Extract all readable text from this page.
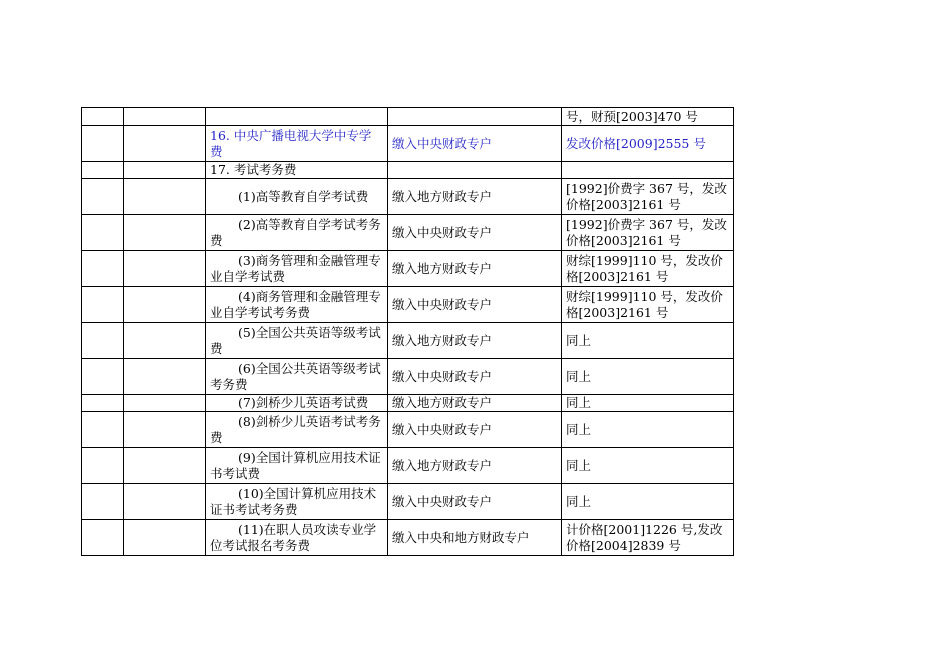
				号，财预[2003]470 号
		16. 中央广播电视大学中专学费	缴入中央财政专户	发改价格[2009]2555 号
		17. 考试考务费		
		(1)高等教育自学考试费	缴入地方财政专户	[1992]价费字 367 号，发改价格[2003]2161 号
		(2)高等教育自学考试考务费	缴入中央财政专户	[1992]价费字 367 号，发改价格[2003]2161 号
		(3)商务管理和金融管理专业自学考试费	缴入地方财政专户	财综[1999]110 号，发改价格[2003]2161 号
		(4)商务管理和金融管理专业自学考试考务费	缴入中央财政专户	财综[1999]110 号，发改价格[2003]2161 号
		(5)全国公共英语等级考试费	缴入地方财政专户	同上
		(6)全国公共英语等级考试考务费	缴入中央财政专户	同上
		(7)剑桥少儿英语考试费	缴入地方财政专户	同上
		(8)剑桥少儿英语考试考务费	缴入中央财政专户	同上
		(9)全国计算机应用技术证书考试费	缴入地方财政专户	同上
		(10)全国计算机应用技术证书考试考务费	缴入中央财政专户	同上
		(11)在职人员攻读专业学位考试报名考务费	缴入中央和地方财政专户	计价格[2001]1226 号,发改价格[2004]2839 号
